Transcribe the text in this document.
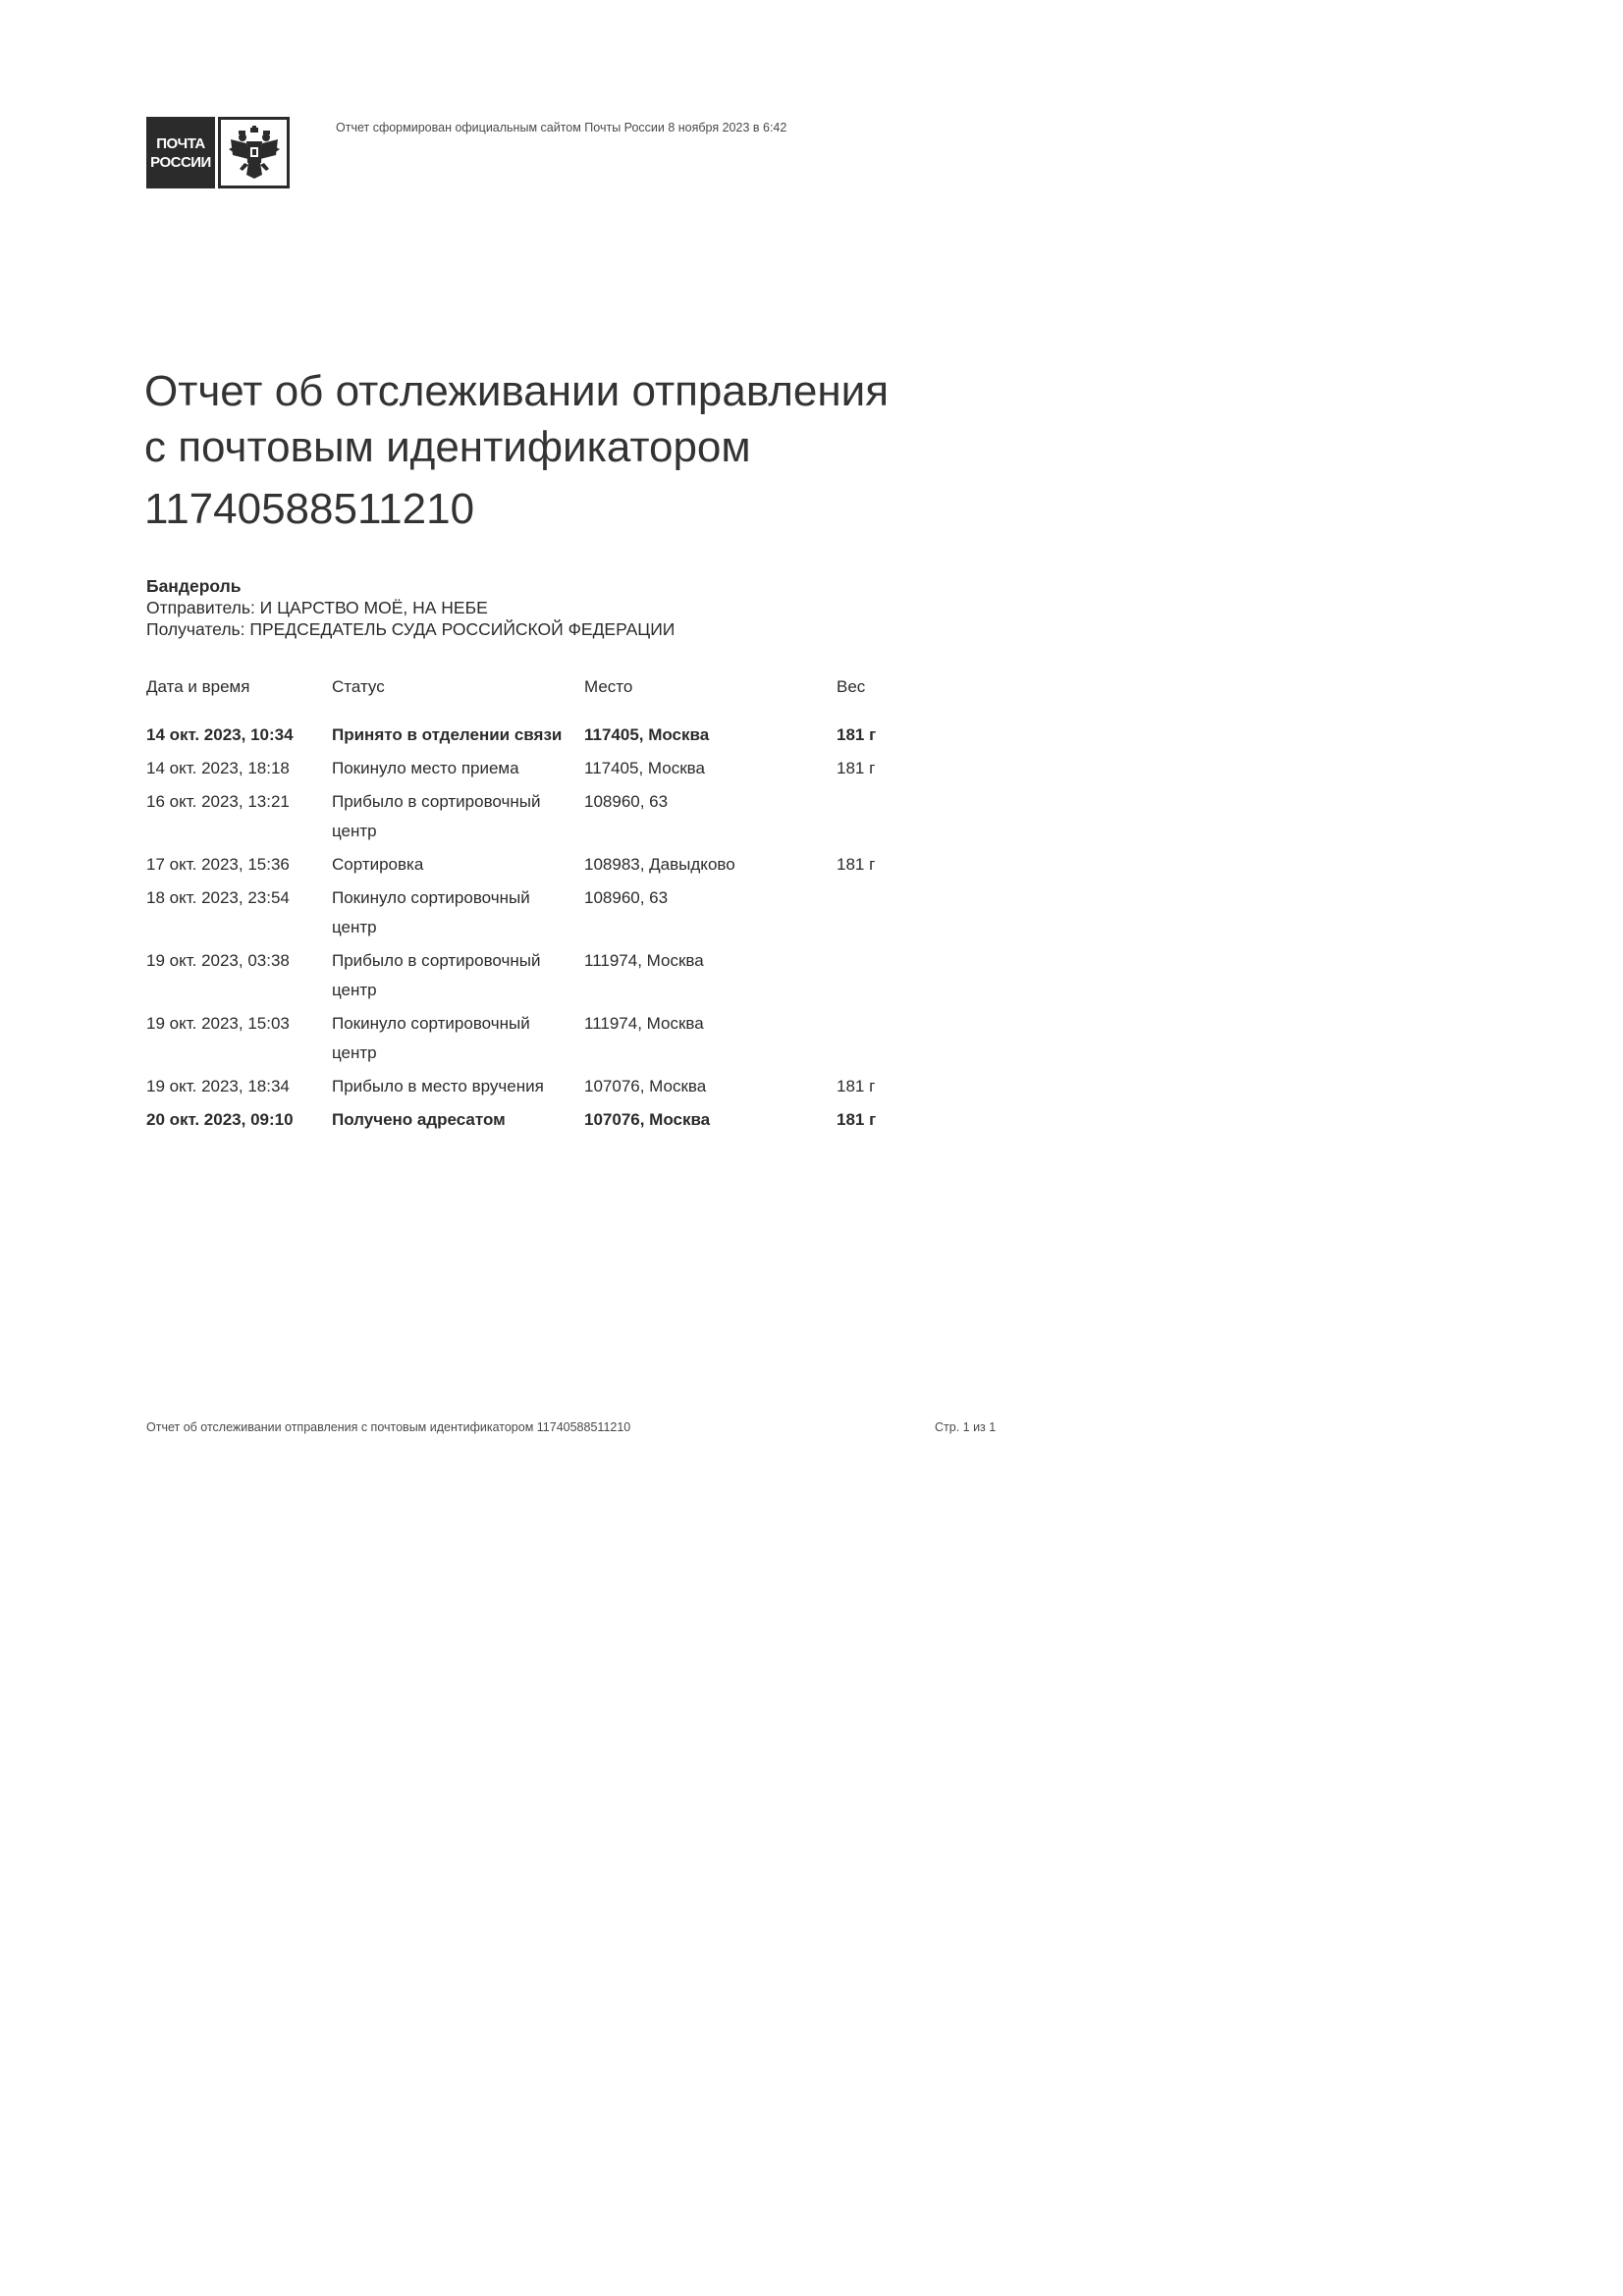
ПОЧТА
РОССИИ
Отчет сформирован официальным сайтом Почты России 8 ноября 2023 в 6:42
Отчет об отслеживании отправления
с почтовым идентификатором
11740588511210
Бандероль
Отправитель: И ЦАРСТВО МОЁ, НА НЕБЕ
Получатель: ПРЕДСЕДАТЕЛЬ СУДА РОССИЙСКОЙ ФЕДЕРАЦИИ
Дата и время	Статус	Место	Вес
14 окт. 2023, 10:34	Принято в отделении связи	117405, Москва	181 г
14 окт. 2023, 18:18	Покинуло место приема	117405, Москва	181 г
16 окт. 2023, 13:21	Прибыло в сортировочный центр	108960, 63	
17 окт. 2023, 15:36	Сортировка	108983, Давыдково	181 г
18 окт. 2023, 23:54	Покинуло сортировочный центр	108960, 63	
19 окт. 2023, 03:38	Прибыло в сортировочный центр	111974, Москва	
19 окт. 2023, 15:03	Покинуло сортировочный центр	111974, Москва	
19 окт. 2023, 18:34	Прибыло в место вручения	107076, Москва	181 г
20 окт. 2023, 09:10	Получено адресатом	107076, Москва	181 г
Отчет об отслеживании отправления с почтовым идентификатором 11740588511210	Стр. 1 из 1
